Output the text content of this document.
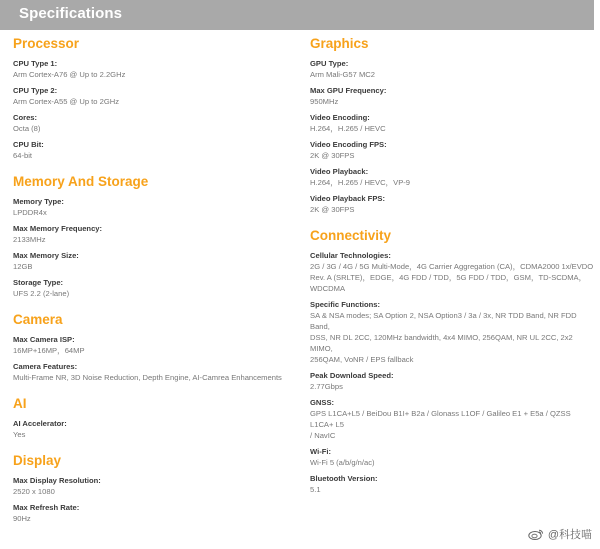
Specifications
Processor
CPU Type 1:
Arm Cortex-A76 @ Up to 2.2GHz
CPU Type 2:
Arm Cortex-A55 @ Up to 2GHz
Cores:
Octa (8)
CPU Bit:
64-bit
Memory And Storage
Memory Type:
LPDDR4x
Max Memory Frequency:
2133MHz
Max Memory Size:
12GB
Storage Type:
UFS 2.2 (2-lane)
Camera
Max Camera ISP:
16MP+16MP，64MP
Camera Features:
Multi-Frame NR, 3D Noise Reduction, Depth Engine, AI-Camrea Enhancements
AI
AI Accelerator:
Yes
Display
Max Display Resolution:
2520 x 1080
Max Refresh Rate:
90Hz
Graphics
GPU Type:
Arm Mali-G57 MC2
Max GPU Frequency:
950MHz
Video Encoding:
H.264，H.265 / HEVC
Video Encoding FPS:
2K @ 30FPS
Video Playback:
H.264，H.265 / HEVC，VP-9
Video Playback FPS:
2K @ 30FPS
Connectivity
Cellular Technologies:
2G / 3G / 4G / 5G Multi-Mode，4G Carrier Aggregation (CA)，CDMA2000 1x/EVDO
Rev. A (SRLTE)，EDGE，4G FDD / TDD，5G FDD / TDD，GSM，TD-SCDMA，
WDCDMA
Specific Functions:
SA & NSA modes; SA Option 2, NSA Option3 / 3a / 3x, NR TDD Band, NR FDD Band,
DSS, NR DL 2CC, 120MHz bandwidth, 4x4 MIMO, 256QAM, NR UL 2CC, 2x2 MIMO,
256QAM, VoNR / EPS fallback
Peak Download Speed:
2.77Gbps
GNSS:
GPS L1CA+L5 / BeiDou B1I+ B2a / Glonass L1OF / Galileo E1 + E5a / QZSS L1CA+ L5
/ NavIC
Wi-Fi:
Wi-Fi 5 (a/b/g/n/ac)
Bluetooth Version:
5.1
@科技喵
